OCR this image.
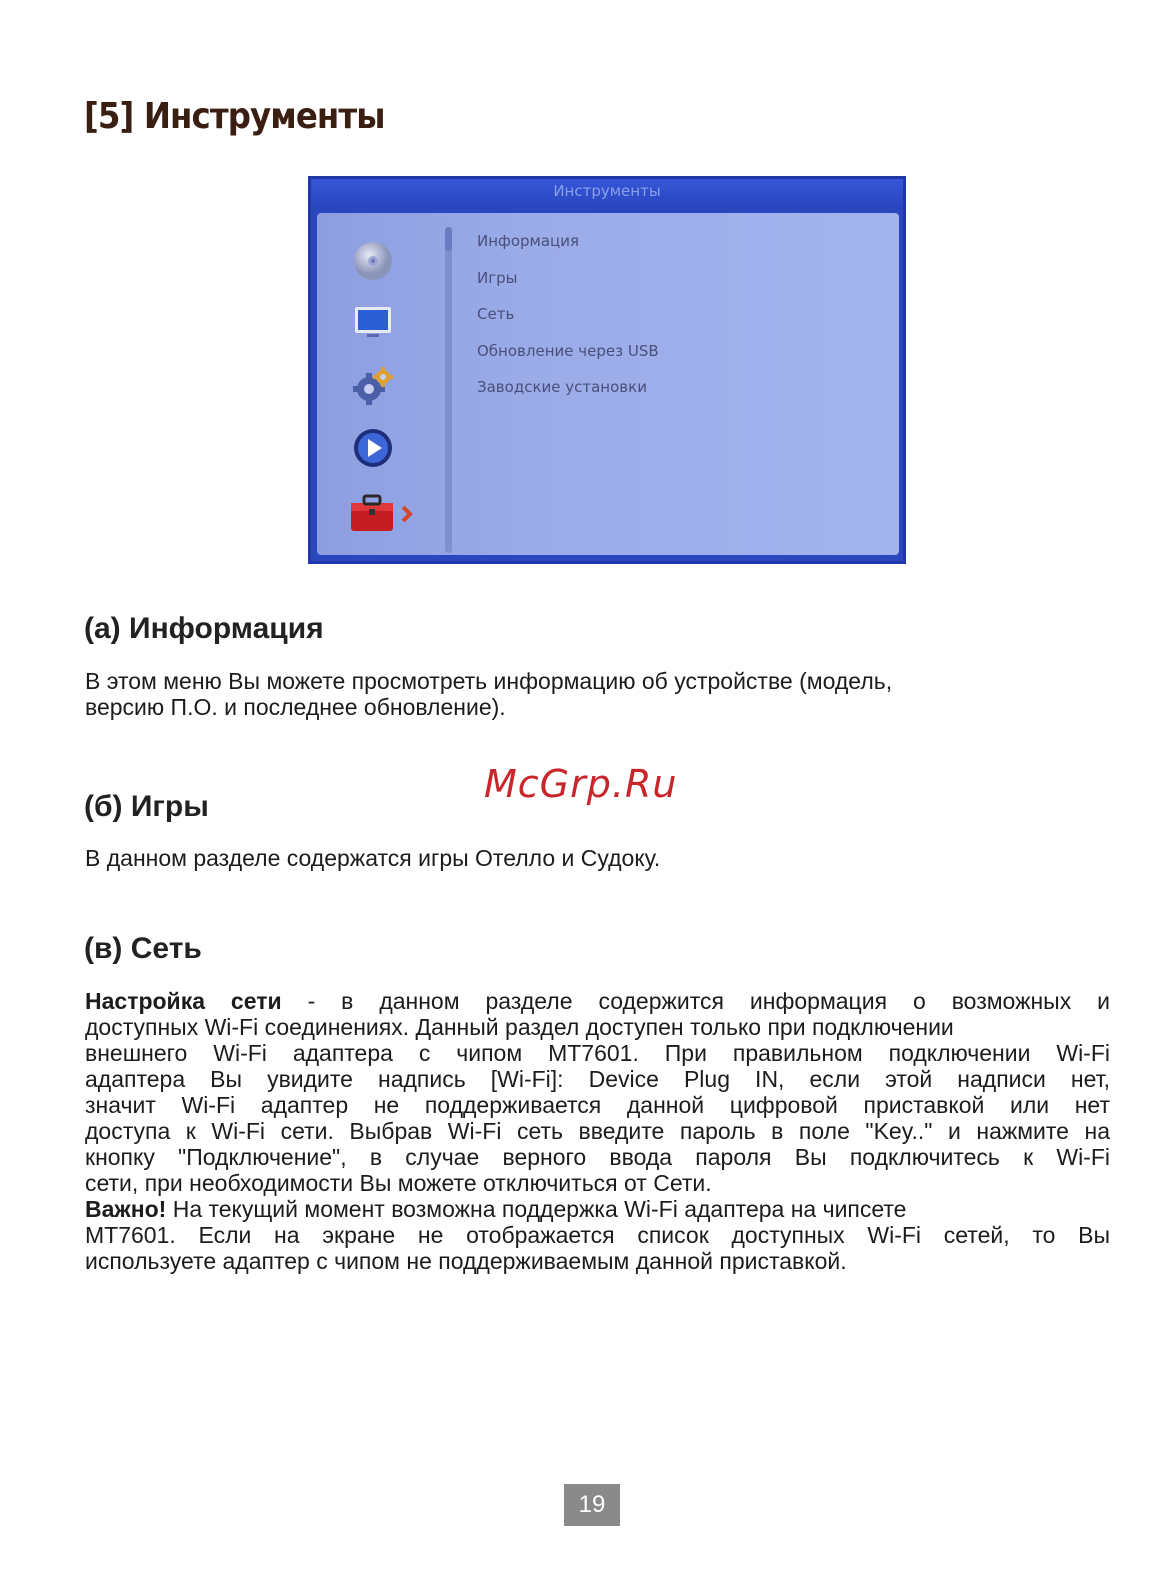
[5] Инструменты
Инструменты
Информация
Игры
Сеть
Обновление через USB
Заводские установки
(a) Информация

В этом меню Вы можете просмотреть информацию об устройстве (модель,
версию П.О. и последнее обновление).

McGrp.Ru
(б) Игры

В данном разделе содержатся игры Отелло и Судоку.

(в) Сеть
Настройка сети - в данном разделе содержится информация о возможных и
доступных Wi-Fi соединениях. Данный раздел доступен только при подключении
внешнего Wi-Fi адаптера с чипом MT7601. При правильном подключении Wi-Fi
адаптера Вы увидите надпись [Wi-Fi]: Device Plug IN, если этой надписи нет,
значит Wi-Fi адаптер не поддерживается данной цифровой приставкой или нет
доступа к Wi-Fi сети. Выбрав Wi-Fi сеть введите пароль в поле "Key.." и нажмите на
кнопку "Подключение", в случае верного ввода пароля Вы подключитесь к Wi-Fi
сети, при необходимости Вы можете отключиться от Сети.
Важно! На текущий момент возможна поддержка Wi-Fi адаптера на чипсете
MT7601. Если на экране не отображается список доступных Wi-Fi сетей, то Вы
используете адаптер с чипом не поддерживаемым данной приставкой.
19
